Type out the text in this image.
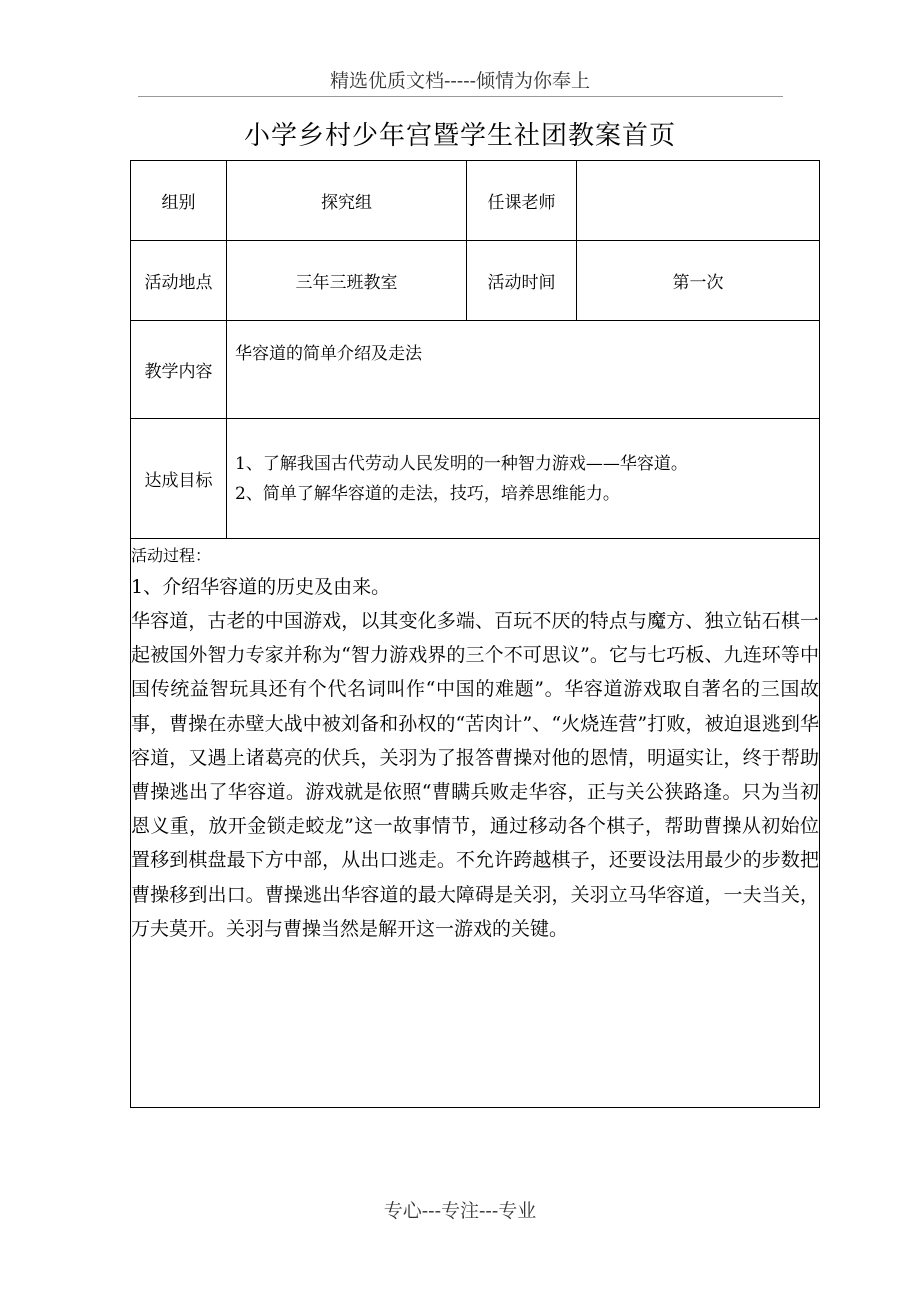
精选优质文档-----倾情为你奉上
小学乡村少年宫暨学生社团教案首页
组别	探究组	任课老师	
活动地点	三年三班教室	活动时间	第一次
教学内容	华容道的简单介绍及走法		
达成目标	1、了解我国古代劳动人民发明的一种智力游戏——华容道。
2、简单了解华容道的走法，技巧，培养思维能力。		

活动过程：
1、介绍华容道的历史及由来。
华容道，古老的中国游戏，以其变化多端、百玩不厌的特点与魔方、独立钻石棋一起被国外智力专家并称为“智力游戏界的三个不可思议”。它与七巧板、九连环等中国传统益智玩具还有个代名词叫作“中国的难题”。华容道游戏取自著名的三国故事，曹操在赤壁大战中被刘备和孙权的“苦肉计”、“火烧连营”打败，被迫退逃到华容道，又遇上诸葛亮的伏兵，关羽为了报答曹操对他的恩情，明逼实让，终于帮助曹操逃出了华容道。游戏就是依照“曹瞒兵败走华容，正与关公狭路逢。只为当初恩义重，放开金锁走蛟龙”这一故事情节，通过移动各个棋子，帮助曹操从初始位置移到棋盘最下方中部，从出口逃走。不允许跨越棋子，还要设法用最少的步数把曹操移到出口。曹操逃出华容道的最大障碍是关羽，关羽立马华容道，一夫当关，万夫莫开。关羽与曹操当然是解开这一游戏的关键。			
专心---专注---专业
